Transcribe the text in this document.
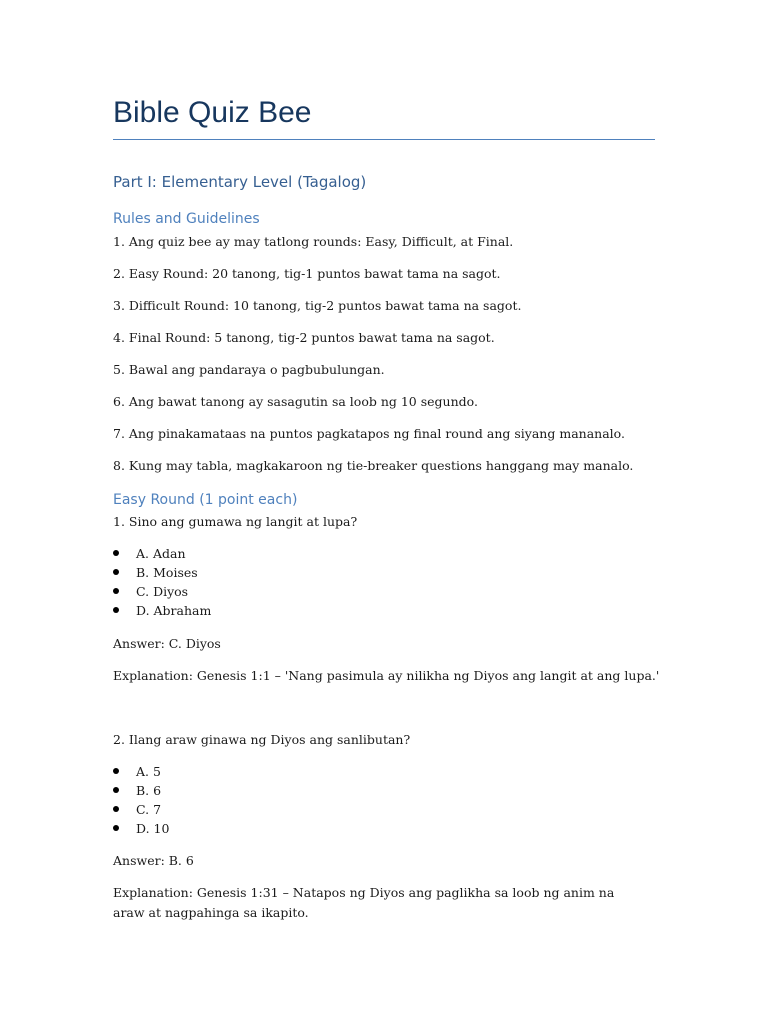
Bible Quiz Bee
Part I: Elementary Level (Tagalog)
Rules and Guidelines

1. Ang quiz bee ay may tatlong rounds: Easy, Difficult, at Final.

2. Easy Round: 20 tanong, tig-1 puntos bawat tama na sagot.

3. Difficult Round: 10 tanong, tig-2 puntos bawat tama na sagot.

4. Final Round: 5 tanong, tig-2 puntos bawat tama na sagot.

5. Bawal ang pandaraya o pagbubulungan.

6. Ang bawat tanong ay sasagutin sa loob ng 10 segundo.

7. Ang pinakamataas na puntos pagkatapos ng final round ang siyang mananalo.

8. Kung may tabla, magkakaroon ng tie-breaker questions hanggang may manalo.

Easy Round (1 point each)

1. Sino ang gumawa ng langit at lupa?

A. Adan
B. Moises
C. Diyos
D. Abraham

Answer: C. Diyos

Explanation: Genesis 1:1 – 'Nang pasimula ay nilikha ng Diyos ang langit at ang lupa.'

2. Ilang araw ginawa ng Diyos ang sanlibutan?

A. 5
B. 6
C. 7
D. 10

Answer: B. 6

Explanation: Genesis 1:31 – Natapos ng Diyos ang paglikha sa loob ng anim na araw at nagpahinga sa ikapito.
